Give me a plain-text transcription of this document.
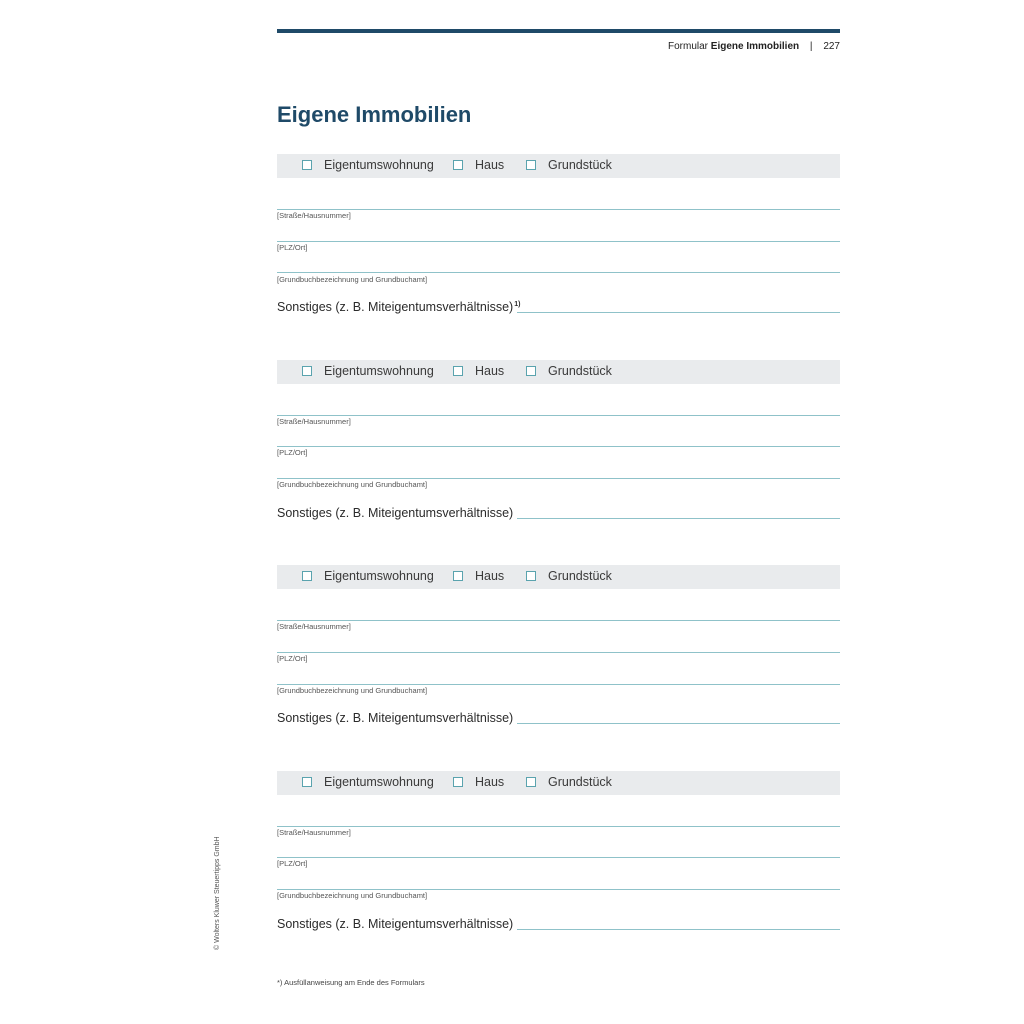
Formular Eigene Immobilien | 227
Eigene Immobilien
Eigentumswohnung	Haus	Grundstück
[Straße/Hausnummer]
[PLZ/Ort]
[Grundbuchbezeichnung und Grundbuchamt]
Sonstiges (z. B. Miteigentumsverhältnisse)$^{1)}$
Eigentumswohnung	Haus	Grundstück
[Straße/Hausnummer]
[PLZ/Ort]
[Grundbuchbezeichnung und Grundbuchamt]
Sonstiges (z. B. Miteigentumsverhältnisse)
Eigentumswohnung	Haus	Grundstück
[Straße/Hausnummer]
[PLZ/Ort]
[Grundbuchbezeichnung und Grundbuchamt]
Sonstiges (z. B. Miteigentumsverhältnisse)
Eigentumswohnung	Haus	Grundstück
[Straße/Hausnummer]
[PLZ/Ort]
[Grundbuchbezeichnung und Grundbuchamt]
Sonstiges (z. B. Miteigentumsverhältnisse)
© Wolters Kluwer Steuertipps GmbH
*) Ausfüllanweisung am Ende des Formulars
